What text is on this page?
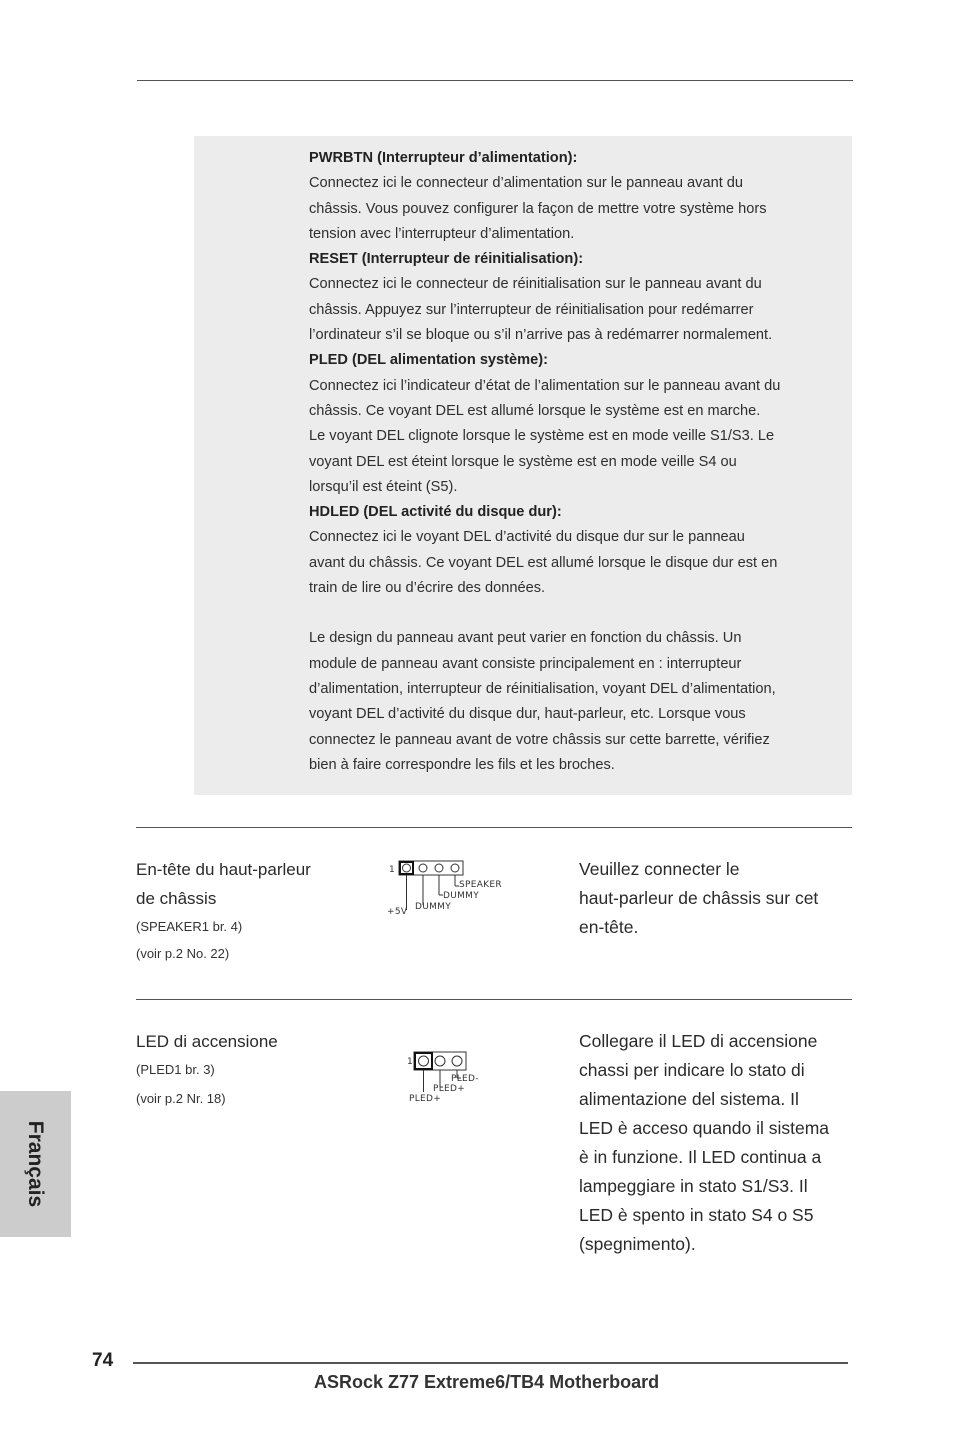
PWRBTN (Interrupteur d’alimentation):

Connectez ici le connecteur d’alimentation sur le panneau avant du

châssis. Vous pouvez configurer la façon de mettre votre système hors

tension avec l’interrupteur d’alimentation.

RESET (Interrupteur de réinitialisation):

Connectez ici le connecteur de réinitialisation sur le panneau avant du

châssis. Appuyez sur l’interrupteur de réinitialisation pour redémarrer

l’ordinateur s’il se bloque ou s’il n’arrive pas à redémarrer normalement.

PLED (DEL alimentation système):

Connectez ici l’indicateur d’état de l’alimentation sur le panneau avant du

châssis. Ce voyant DEL est allumé lorsque le système est en marche.

Le voyant DEL clignote lorsque le système est en mode veille S1/S3. Le

voyant DEL est éteint lorsque le système est en mode veille S4 ou

lorsqu’il est éteint (S5).

HDLED (DEL activité du disque dur):

Connectez ici le voyant DEL d’activité du disque dur sur le panneau

avant du châssis. Ce voyant DEL est allumé lorsque le disque dur est en

train de lire ou d’écrire des données.

Le design du panneau avant peut varier en fonction du châssis. Un

module de panneau avant consiste principalement en : interrupteur

d’alimentation, interrupteur de réinitialisation, voyant DEL d’alimentation,

voyant DEL d’activité du disque dur, haut-parleur, etc. Lorsque vous

connectez le panneau avant de votre châssis sur cette barrette, vérifiez

bien à faire correspondre les fils et les broches.

En-tête du haut-parleur

de châssis

(SPEAKER1 br. 4)

(voir p.2 No. 22)

1
SPEAKER
DUMMY
DUMMY
+5V
Veuillez connecter le
haut-parleur de châssis sur cet
en-tête.

LED di accensione

(PLED1 br. 3)

(voir p.2 Nr. 18)

1
PLED-
PLED+
PLED+
Collegare il LED di accensione
chassi per indicare lo stato di
alimentazione del sistema. Il
LED è acceso quando il sistema
è in funzione. Il LED continua a
lampeggiare in stato S1/S3. Il
LED è spento in stato S4 o S5
(spegnimento).
Français
74
ASRock Z77 Extreme6/TB4 Motherboard
